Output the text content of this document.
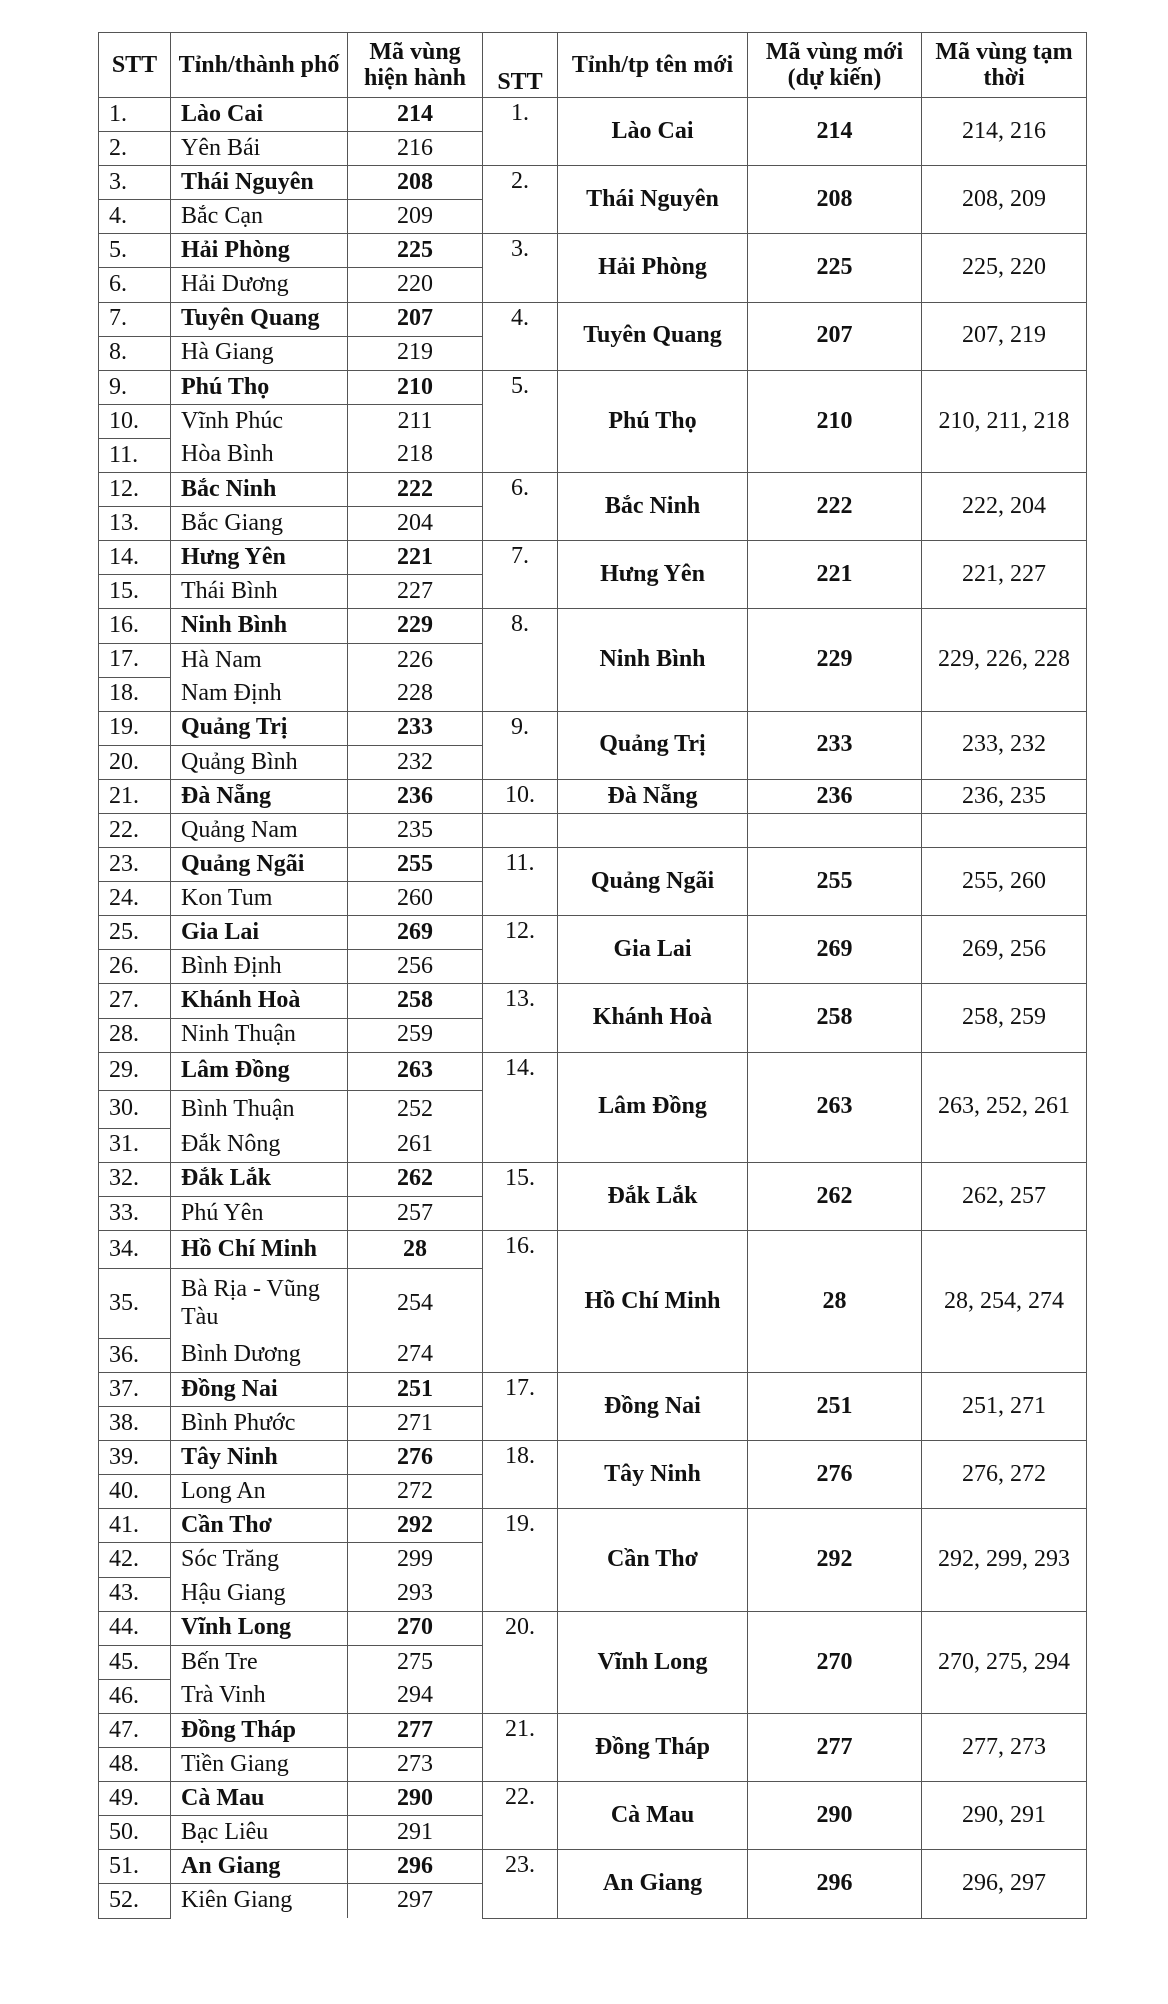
STT	Tỉnh/thành phố	Mã vùng hiện hành	STT	Tỉnh/tp tên mới	Mã vùng mới (dự kiến)	Mã vùng tạm thời
1.	Lào Cai	214	1.	Lào Cai	214	214, 216
2.	Yên Bái	216				
3.	Thái Nguyên	208	2.	Thái Nguyên	208	208, 209
4.	Bắc Cạn	209				
5.	Hải Phòng	225	3.	Hải Phòng	225	225, 220
6.	Hải Dương	220				
7.	Tuyên Quang	207	4.	Tuyên Quang	207	207, 219
8.	Hà Giang	219				
9.	Phú Thọ	210	5.	Phú Thọ	210	210, 211, 218
10.	Vĩnh Phúc	211				
11.	Hòa Bình	218				
12.	Bắc Ninh	222	6.	Bắc Ninh	222	222, 204
13.	Bắc Giang	204				
14.	Hưng Yên	221	7.	Hưng Yên	221	221, 227
15.	Thái Bình	227				
16.	Ninh Bình	229	8.	Ninh Bình	229	229, 226, 228
17.	Hà Nam	226				
18.	Nam Định	228				
19.	Quảng Trị	233	9.	Quảng Trị	233	233, 232
20.	Quảng Bình	232				
21.	Đà Nẵng	236	10.	Đà Nẵng	236	236, 235
22.	Quảng Nam	235				
23.	Quảng Ngãi	255	11.	Quảng Ngãi	255	255, 260
24.	Kon Tum	260				
25.	Gia Lai	269	12.	Gia Lai	269	269, 256
26.	Bình Định	256				
27.	Khánh Hoà	258	13.	Khánh Hoà	258	258, 259
28.	Ninh Thuận	259				
29.	Lâm Đồng	263	14.	Lâm Đồng	263	263, 252, 261
30.	Bình Thuận	252				
31.	Đắk Nông	261				
32.	Đắk Lắk	262	15.	Đắk Lắk	262	262, 257
33.	Phú Yên	257				
34.	Hồ Chí Minh	28	16.	Hồ Chí Minh	28	28, 254, 274
35.	Bà Rịa - Vũng Tàu	254				
36.	Bình Dương	274				
37.	Đồng Nai	251	17.	Đồng Nai	251	251, 271
38.	Bình Phước	271				
39.	Tây Ninh	276	18.	Tây Ninh	276	276, 272
40.	Long An	272				
41.	Cần Thơ	292	19.	Cần Thơ	292	292, 299, 293
42.	Sóc Trăng	299				
43.	Hậu Giang	293				
44.	Vĩnh Long	270	20.	Vĩnh Long	270	270, 275, 294
45.	Bến Tre	275				
46.	Trà Vinh	294				
47.	Đồng Tháp	277	21.	Đồng Tháp	277	277, 273
48.	Tiền Giang	273				
49.	Cà Mau	290	22.	Cà Mau	290	290, 291
50.	Bạc Liêu	291				
51.	An Giang	296	23.	An Giang	296	296, 297
52.	Kiên Giang	297				
